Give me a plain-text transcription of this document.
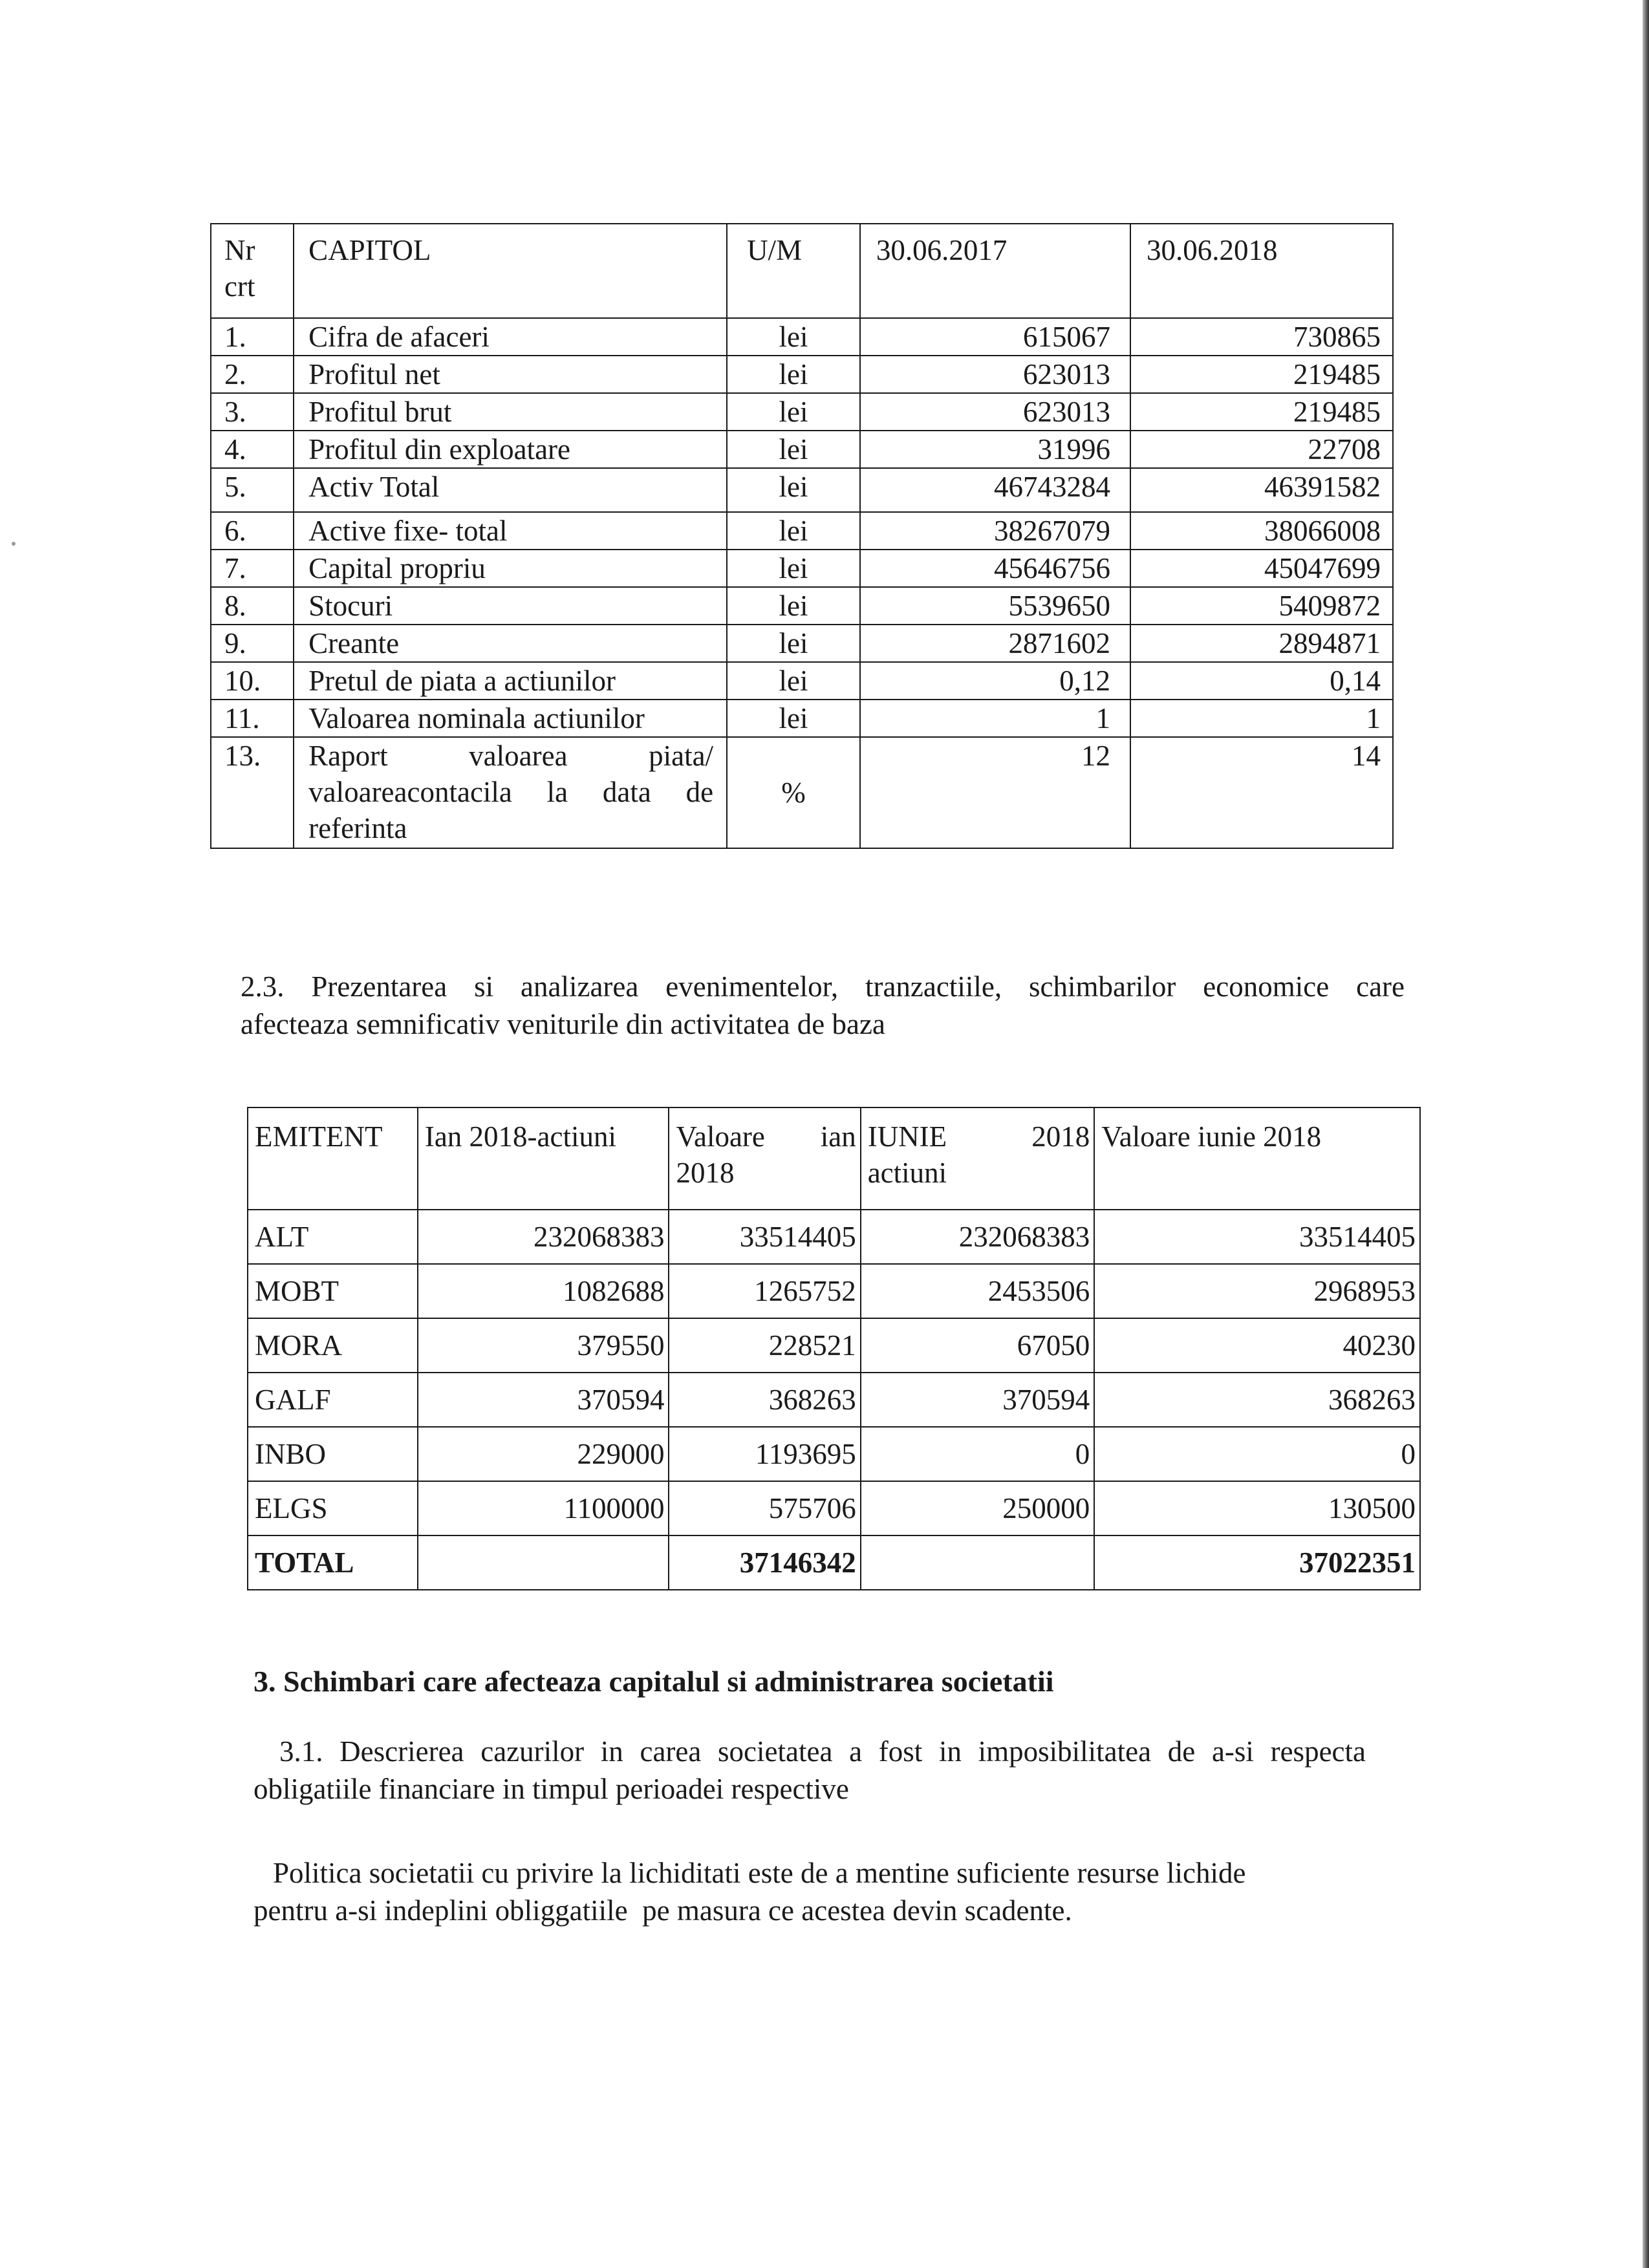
Nr crt	CAPITOL	U/M	30.06.2017	30.06.2018
1.	Cifra de afaceri	lei	615067	730865
2.	Profitul net	lei	623013	219485
3.	Profitul brut	lei	623013	219485
4.	Profitul din exploatare	lei	31996	22708
5.	Activ Total	lei	46743284	46391582
6.	Active fixe- total	lei	38267079	38066008
7.	Capital propriu	lei	45646756	45047699
8.	Stocuri	lei	5539650	5409872
9.	Creante	lei	2871602	2894871
10.	Pretul de piata a actiunilor	lei	0,12	0,14
11.	Valoarea nominala actiunilor	lei	1	1
13.	Raport valoarea piata/ valoareacontacila la data de referinta	%	12	14
2.3. Prezentarea si analizarea evenimentelor, tranzactiile, schimbarilor economice care
afecteaza semnificativ veniturile din activitatea de baza
EMITENT	Ian 2018-actiuni	Valoare ian 2018	IUNIE 2018 actiuni	Valoare iunie 2018
ALT	232068383	33514405	232068383	33514405
MOBT	1082688	1265752	2453506	2968953
MORA	379550	228521	67050	40230
GALF	370594	368263	370594	368263
INBO	229000	1193695	0	0
ELGS	1100000	575706	250000	130500
TOTAL		37146342		37022351
3. Schimbari care afecteaza capitalul si administrarea societatii
3.1. Descrierea cazurilor in carea societatea a fost in imposibilitatea de a-si respecta
obligatiile financiare in timpul perioadei respective
Politica societatii cu privire la lichiditati este de a mentine suficiente resurse lichide
pentru a-si indeplini obliggatiile  pe masura ce acestea devin scadente.
